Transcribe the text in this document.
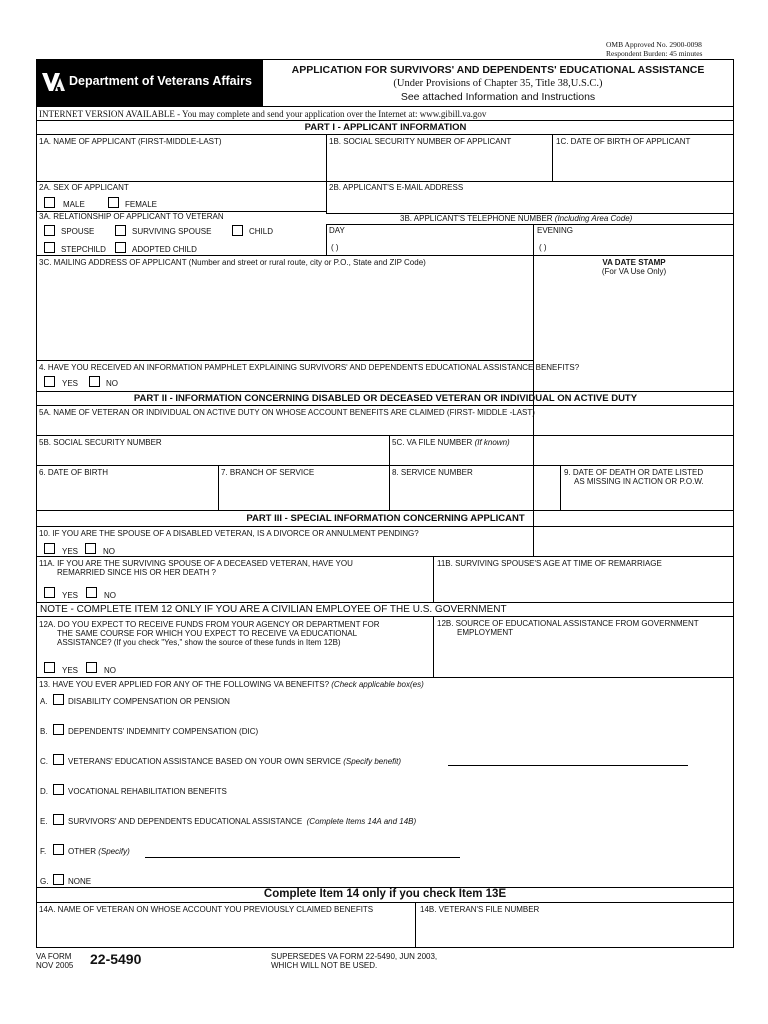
OMB Approved No. 2900-0098
Respondent Burden: 45 minutes
Department of Veterans Affairs
APPLICATION FOR SURVIVORS' AND DEPENDENTS' EDUCATIONAL ASSISTANCE
(Under Provisions of Chapter 35, Title 38,U.S.C.)
See attached Information and Instructions
INTERNET VERSION AVAILABLE - You may complete and send your application over the Internet at: www.gibill.va.gov
PART I - APPLICANT INFORMATION
1A. NAME OF APPLICANT (FIRST-MIDDLE-LAST)	1B. SOCIAL SECURITY NUMBER OF APPLICANT	1C. DATE OF BIRTH OF APPLICANT
2A. SEX OF APPLICANT	2B. APPLICANT'S E-MAIL ADDRESS
MALE	FEMALE
3A. RELATIONSHIP OF APPLICANT TO VETERAN	3B. APPLICANT'S TELEPHONE NUMBER (Including Area Code)
SPOUSE	SURVIVING SPOUSE	CHILD
STEPCHILD	ADOPTED CHILD
DAY	EVENING
( )	( )
3C. MAILING ADDRESS OF APPLICANT (Number and street or rural route, city or P.O., State and ZIP Code)	VA DATE STAMP
(For VA Use Only)
4. HAVE YOU RECEIVED AN INFORMATION PAMPHLET EXPLAINING SURVIVORS' AND DEPENDENTS EDUCATIONAL ASSISTANCE BENEFITS?
YES	NO
PART II - INFORMATION CONCERNING DISABLED OR DECEASED VETERAN OR INDIVIDUAL ON ACTIVE DUTY
5A. NAME OF VETERAN OR INDIVIDUAL ON ACTIVE DUTY ON WHOSE ACCOUNT BENEFITS ARE CLAIMED (FIRST- MIDDLE -LAST)
5B. SOCIAL SECURITY NUMBER	5C. VA FILE NUMBER (If known)
6. DATE OF BIRTH	7. BRANCH OF SERVICE	8. SERVICE NUMBER	9. DATE OF DEATH OR DATE LISTED
AS MISSING IN ACTION OR P.O.W.
PART III - SPECIAL INFORMATION CONCERNING APPLICANT
10. IF YOU ARE THE SPOUSE OF A DISABLED VETERAN, IS A DIVORCE OR ANNULMENT PENDING?
YES	NO
11A. IF YOU ARE THE SURVIVING SPOUSE OF A DECEASED VETERAN, HAVE YOU
REMARRIED SINCE HIS OR HER DEATH ?
11B. SURVIVING SPOUSE'S AGE AT TIME OF REMARRIAGE
YES	NO
NOTE - COMPLETE ITEM 12 ONLY IF YOU ARE A CIVILIAN EMPLOYEE OF THE U.S. GOVERNMENT
12A. DO YOU EXPECT TO RECEIVE FUNDS FROM YOUR AGENCY OR DEPARTMENT FOR
THE SAME COURSE FOR WHICH YOU EXPECT TO RECEIVE VA EDUCATIONAL
ASSISTANCE? (If you check "Yes," show the source of these funds in Item 12B)
12B. SOURCE OF EDUCATIONAL ASSISTANCE FROM GOVERNMENT
EMPLOYMENT
YES	NO
13. HAVE YOU EVER APPLIED FOR ANY OF THE FOLLOWING VA BENEFITS? (Check applicable box(es)
A.	DISABILITY COMPENSATION OR PENSION
B.	DEPENDENTS' INDEMNITY COMPENSATION (DIC)
C.	VETERANS' EDUCATION ASSISTANCE BASED ON YOUR OWN SERVICE (Specify benefit)
D.	VOCATIONAL REHABILITATION BENEFITS
E.	SURVIVORS' AND DEPENDENTS EDUCATIONAL ASSISTANCE (Complete Items 14A and 14B)
F.	OTHER (Specify)
G. NONE
Complete Item 14 only if you check Item 13E
14A. NAME OF VETERAN ON WHOSE ACCOUNT YOU PREVIOUSLY CLAIMED BENEFITS	14B. VETERAN'S FILE NUMBER
VA FORM
NOV 2005 22-5490	SUPERSEDES VA FORM 22-5490, JUN 2003,
WHICH WILL NOT BE USED.
